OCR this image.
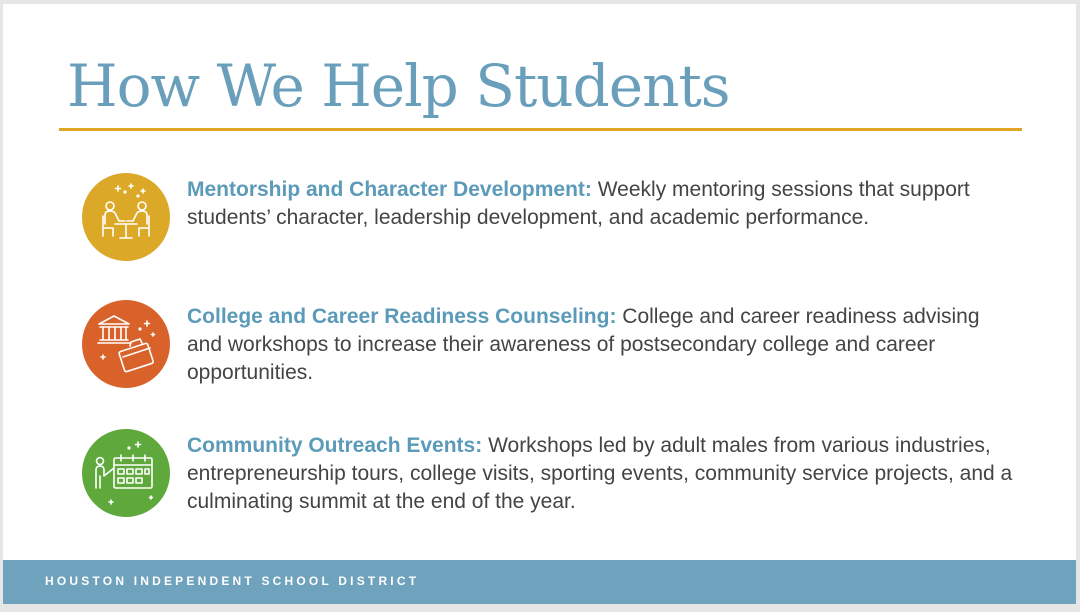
How We Help Students
Mentorship and Character Development: Weekly mentoring sessions that support students’ character, leadership development, and academic performance.
College and Career Readiness Counseling: College and career readiness advising and workshops to increase their awareness of postsecondary college and career opportunities.
Community Outreach Events: Workshops led by adult males from various industries, entrepreneurship tours, college visits, sporting events, community service projects, and a culminating summit at the end of the year.
HOUSTON INDEPENDENT SCHOOL DISTRICT
